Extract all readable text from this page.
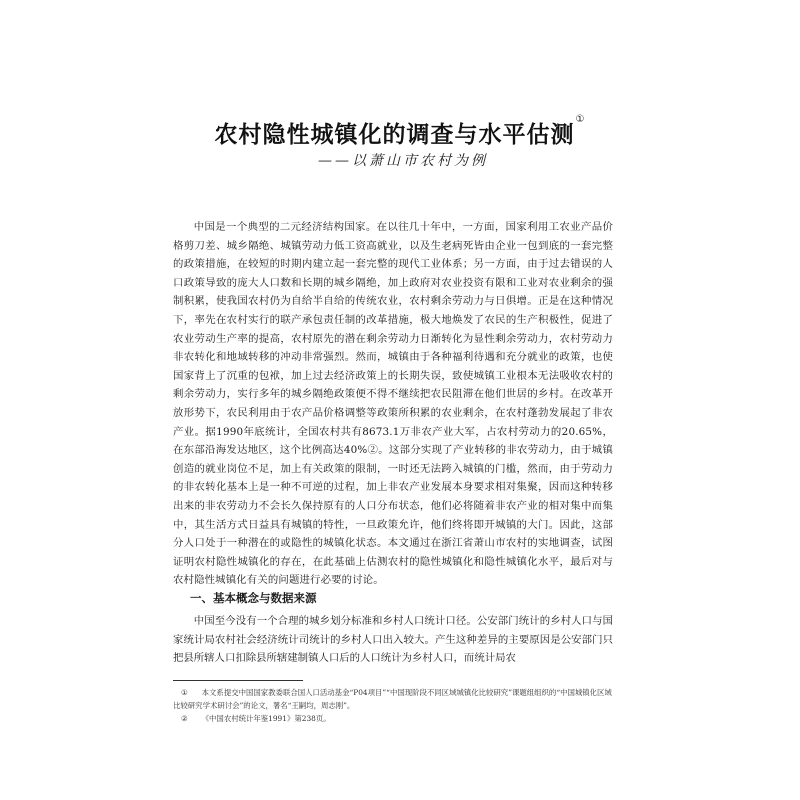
农村隐性城镇化的调查与水平估测①
——以萧山市农村为例

中国是一个典型的二元经济结构国家。在以往几十年中，一方面，国家利用工农业产品价格剪刀差、城乡隔绝、城镇劳动力低工资高就业，以及生老病死皆由企业一包到底的一套完整的政策措施，在较短的时期内建立起一套完整的现代工业体系；另一方面，由于过去错误的人口政策导致的庞大人口数和长期的城乡隔绝，加上政府对农业投资有限和工业对农业剩余的强制积累，使我国农村仍为自给半自给的传统农业，农村剩余劳动力与日俱增。正是在这种情况下，率先在农村实行的联产承包责任制的改革措施，极大地焕发了农民的生产积极性，促进了农业劳动生产率的提高，农村原先的潜在剩余劳动力日渐转化为显性剩余劳动力，农村劳动力非农转化和地域转移的冲动非常强烈。然而，城镇由于各种福利待遇和充分就业的政策，也使国家背上了沉重的包袱，加上过去经济政策上的长期失误，致使城镇工业根本无法吸收农村的剩余劳动力，实行多年的城乡隔绝政策便不得不继续把农民阻滞在他们世居的乡村。在改革开放形势下，农民利用由于农产品价格调整等政策所积累的农业剩余，在农村蓬勃发展起了非农产业。据1990年底统计，全国农村共有8673.1万非农产业大军，占农村劳动力的20.65%，在东部沿海发达地区，这个比例高达40%②。这部分实现了产业转移的非农劳动力，由于城镇创造的就业岗位不足，加上有关政策的限制，一时还无法跨入城镇的门槛，然而，由于劳动力的非农转化基本上是一种不可逆的过程，加上非农产业发展本身要求相对集聚，因而这种转移出来的非农劳动力不会长久保持原有的人口分布状态，他们必将随着非农产业的相对集中而集中，其生活方式日益具有城镇的特性，一旦政策允许，他们终将即开城镇的大门。因此，这部分人口处于一种潜在的或隐性的城镇化状态。本文通过在浙江省萧山市农村的实地调查，试图证明农村隐性城镇化的存在，在此基础上估测农村的隐性城镇化和隐性城镇化水平，最后对与农村隐性城镇化有关的问题进行必要的讨论。

一、基本概念与数据来源

中国至今没有一个合理的城乡划分标准和乡村人口统计口径。公安部门统计的乡村人口与国家统计局农村社会经济统计司统计的乡村人口出入较大。产生这种差异的主要原因是公安部门只把县所辖人口扣除县所辖建制镇人口后的人口统计为乡村人口，而统计局农

① 本文系提交中国国家教委联合国人口活动基金“P04项目”“中国现阶段不同区域城镇化比较研究”课题组组织的“中国城镇化区域比较研究学术研讨会”的论文，署名“王嗣均，周志刚”。

② 《中国农村统计年鉴1991》第238页。
